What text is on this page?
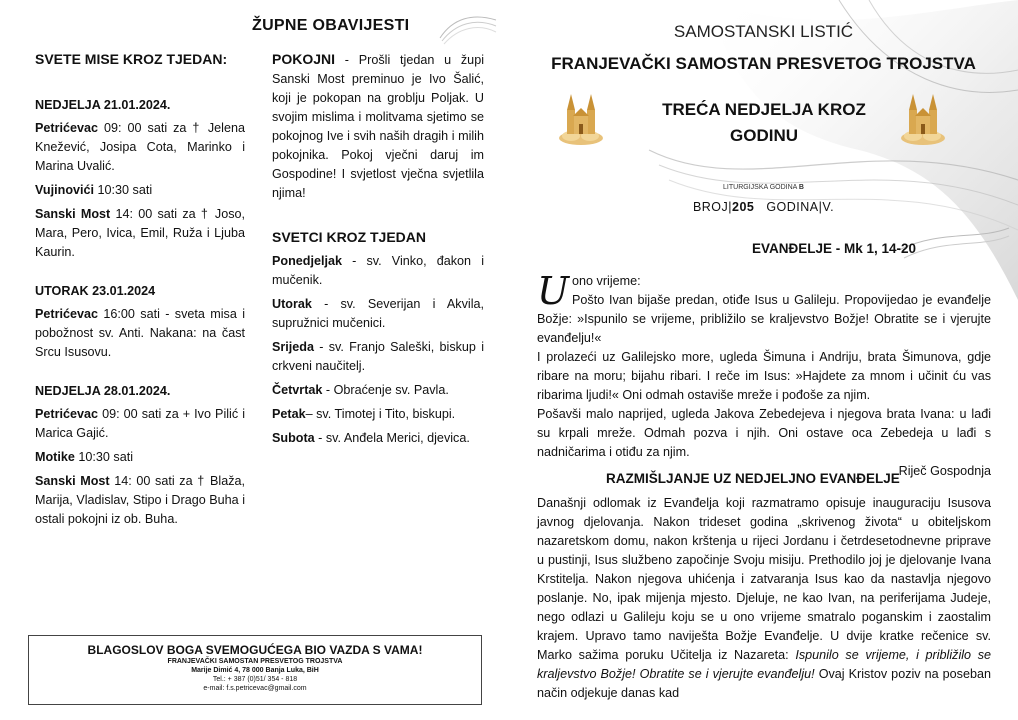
ŽUPNE OBAVIJESTI
SVETE MISE KROZ TJEDAN:
NEDJELJA 21.01.2024.
Petrićevac 09: 00 sati za † Jelena Knežević, Josipa Cota, Marinko i Marina Uvalić.
Vujinovići 10:30 sati
Sanski Most 14: 00 sati za † Joso, Mara, Pero, Ivica, Emil, Ruža i Ljuba Kaurin.
UTORAK 23.01.2024
Petrićevac 16:00 sati - sveta misa i pobožnost sv. Anti. Nakana: na čast Srcu Isusovu.
NEDJELJA 28.01.2024.
Petrićevac 09: 00 sati za + Ivo Pilić i Marica Gajić.
Motike 10:30 sati
Sanski Most 14: 00 sati za † Blaža, Marija, Vladislav, Stipo i Drago Buha i ostali pokojni iz ob. Buha.
POKOJNI - Prošli tjedan u župi Sanski Most preminuo je Ivo Šalić, koji je pokopan na groblju Poljak. U svojim mislima i molitvama sjetimo se pokojnog Ive i svih naših dragih i milih pokojnika. Pokoj vječni daruj im Gospodine! I svjetlost vječna svjetlila njima!
SVETCI KROZ TJEDAN
Ponedjeljak - sv. Vinko, đakon i mučenik.
Utorak - sv. Severijan i Akvila, supružnici mučenici.
Srijeda - sv. Franjo Saleški, biskup i crkveni naučitelj.
Četvrtak - Obraćenje sv. Pavla.
Petak– sv. Timotej i Tito, biskupi.
Subota - sv. Anđela Merici, djevica.
BLAGOSLOV BOGA SVEMOGUĆEGA BIO VAZDA S VAMA!
FRANJEVAČKI SAMOSTAN PRESVETOG TROJSTVA
Marije Dimić 4, 78 000 Banja Luka, BiH
Tel.: + 387 (0)51/ 354 - 818
e-mail: f.s.petricevac@gmail.com
SAMOSTANSKI LISTIĆ
FRANJEVAČKI SAMOSTAN PRESVETOG TROJSTVA
TREĆA NEDJELJA KROZ
GODINU
LITURGIJSKA GODINA B
BROJ|205 GODINA|V.
EVANĐELJE - Mk 1, 14-20
U ono vrijeme:
Pošto Ivan bijaše predan, otiđe Isus u Galileju. Propovijedao je evanđelje Božje: »Ispunilo se vrijeme, približilo se kraljevstvo Božje! Obratite se i vjerujte evanđelju!«
I prolazeći uz Galilejsko more, ugleda Šimuna i Andriju, brata Šimunova, gdje ribare na moru; bijahu ribari. I reče im Isus: »Hajdete za mnom i učinit ću vas ribarima ljudi!« Oni odmah ostaviše mreže i pođoše za njim.
Pošavši malo naprijed, ugleda Jakova Zebedejeva i njegova brata Ivana: u lađi su krpali mreže. Odmah pozva i njih. Oni ostave oca Zebedeja u lađi s nadničarima i otiđu za njim.
Riječ Gospodnja
RAZMIŠLJANJE UZ NEDJELJNO EVANĐELJE
Današnji odlomak iz Evanđelja koji razmatramo opisuje inauguraciju Isusova javnog djelovanja. Nakon trideset godina „skrivenog života“ u obiteljskom nazaretskom domu, nakon krštenja u rijeci Jordanu i četrdesetodnevne priprave u pustinji, Isus službeno započinje Svoju misiju. Prethodilo joj je djelovanje Ivana Krstitelja. Nakon njegova uhićenja i zatvaranja Isus kao da nastavlja njegovo poslanje. No, ipak mijenja mjesto. Djeluje, ne kao Ivan, na periferijama Judeje, nego odlazi u Galileju koju se u ono vrijeme smatralo poganskim i zaostalim krajem. Upravo tamo naviješta Božje Evanđelje. U dvije kratke rečenice sv. Marko sažima poruku Učitelja iz Nazareta: Ispunilo se vrijeme, i približilo se kraljevstvo Božje! Obratite se i vjerujte evanđelju! Ovaj Kristov poziv na poseban način odjekuje danas kad
